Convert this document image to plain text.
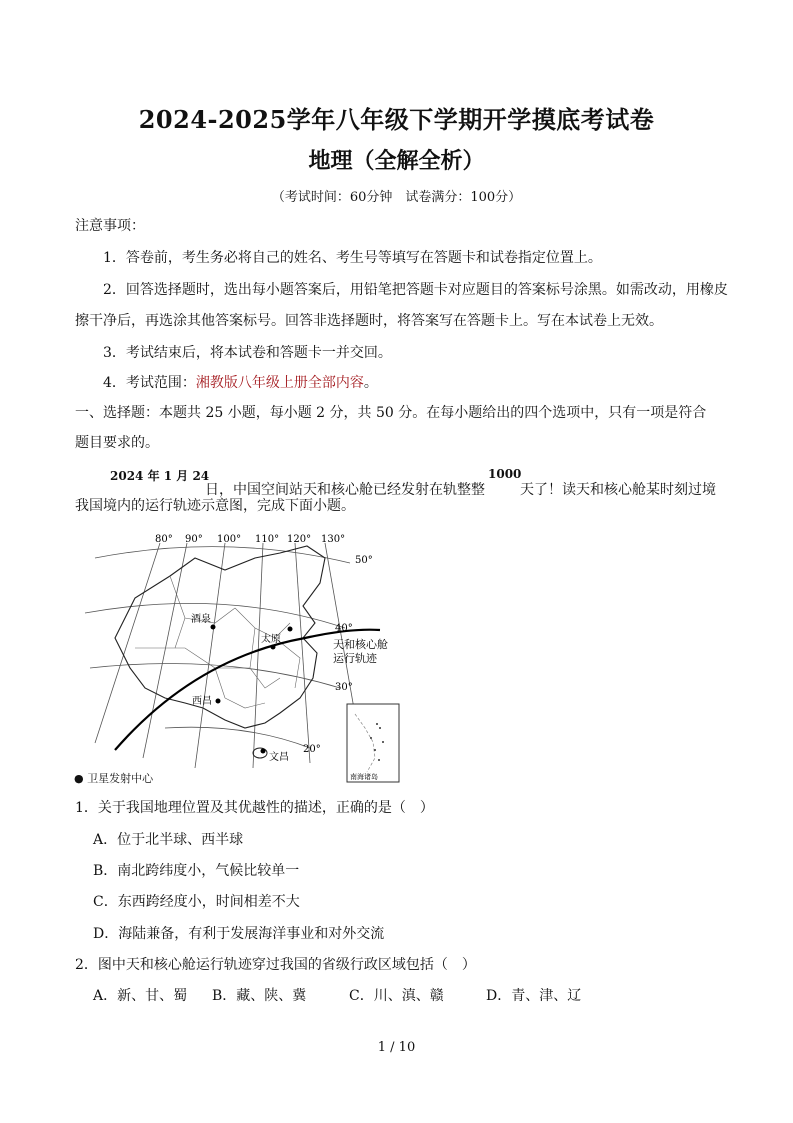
2024-2025学年八年级下学期开学摸底考试卷
地理（全解全析）
（考试时间：60分钟　试卷满分：100分）
注意事项：
1．答卷前，考生务必将自己的姓名、考生号等填写在答题卡和试卷指定位置上。
2．回答选择题时，选出每小题答案后，用铅笔把答题卡对应题目的答案标号涂黑。如需改动，用橡皮
擦干净后，再选涂其他答案标号。回答非选择题时，将答案写在答题卡上。写在本试卷上无效。
3．考试结束后，将本试卷和答题卡一并交回。
4．考试范围：湘教版八年级上册全部内容。
一、选择题：本题共 25 小题，每小题 2 分，共 50 分。在每小题给出的四个选项中，只有一项是符合
题目要求的。
2024 年 1 月 24
日，中国空间站天和核心舱已经发射在轨整整
1000
天了！读天和核心舱某时刻过境
我国境内的运行轨迹示意图，完成下面小题。
80° 90° 100° 110° 120° 130°
50°
40°
30°
20°
酒泉
太原
西昌
文昌
天和核心舱
运行轨迹
南海诸岛
● 卫星发射中心
1．关于我国地理位置及其优越性的描述，正确的是（　）
A．位于北半球、西半球
B．南北跨纬度小，气候比较单一
C．东西跨经度小，时间相差不大
D．海陆兼备，有利于发展海洋事业和对外交流
2．图中天和核心舱运行轨迹穿过我国的省级行政区域包括（　）
A．新、甘、蜀 B．藏、陕、冀	C．川、滇、赣	D．青、津、辽
1 / 10
